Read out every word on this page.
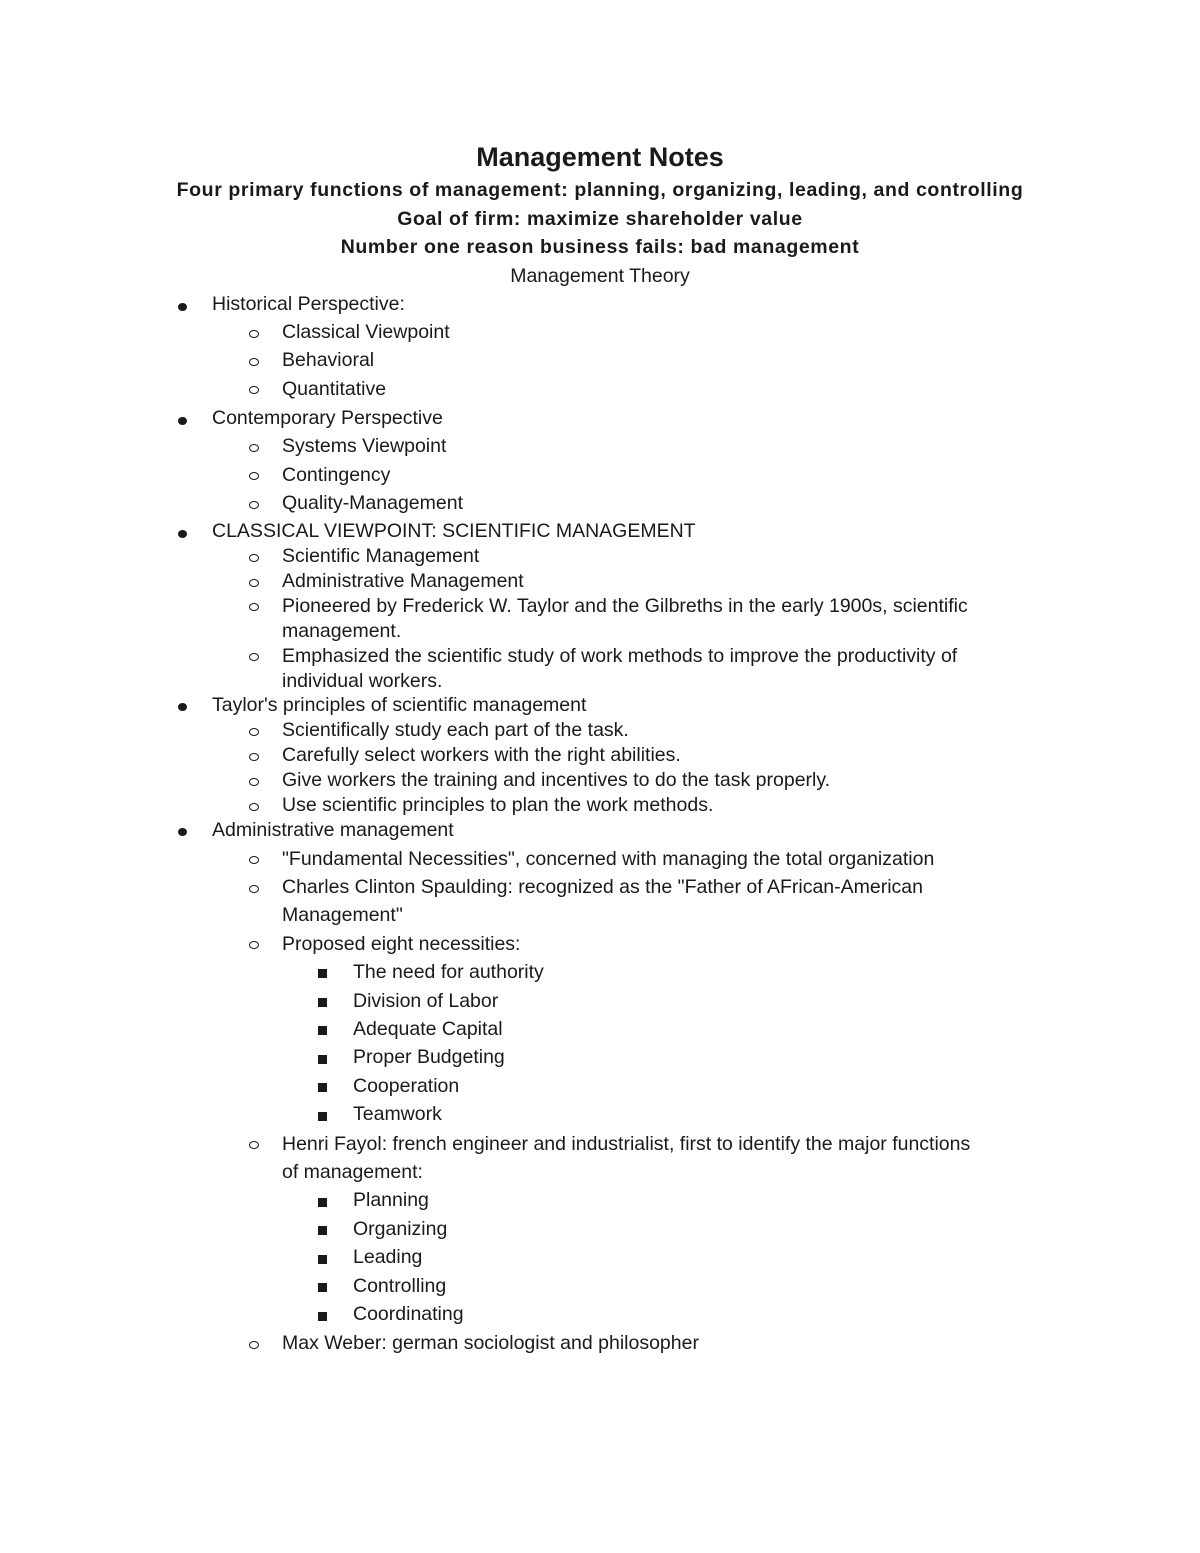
Management Notes
Four primary functions of management: planning, organizing, leading, and controlling
Goal of firm: maximize shareholder value
Number one reason business fails: bad management
Management Theory
Historical Perspective:
Classical Viewpoint
Behavioral
Quantitative
Contemporary Perspective
Systems Viewpoint
Contingency
Quality-Management
CLASSICAL VIEWPOINT: SCIENTIFIC MANAGEMENT
Scientific Management
Administrative Management
Pioneered by Frederick W. Taylor and the Gilbreths in the early 1900s, scientific
management.
Emphasized the scientific study of work methods to improve the productivity of
individual workers.
Taylor's principles of scientific management
Scientifically study each part of the task.
Carefully select workers with the right abilities.
Give workers the training and incentives to do the task properly.
Use scientific principles to plan the work methods.
Administrative management
"Fundamental Necessities", concerned with managing the total organization
Charles Clinton Spaulding: recognized as the "Father of AFrican-American
Management"
Proposed eight necessities:
The need for authority
Division of Labor
Adequate Capital
Proper Budgeting
Cooperation
Teamwork
Henri Fayol: french engineer and industrialist, first to identify the major functions
of management:
Planning
Organizing
Leading
Controlling
Coordinating
Max Weber: german sociologist and philosopher
